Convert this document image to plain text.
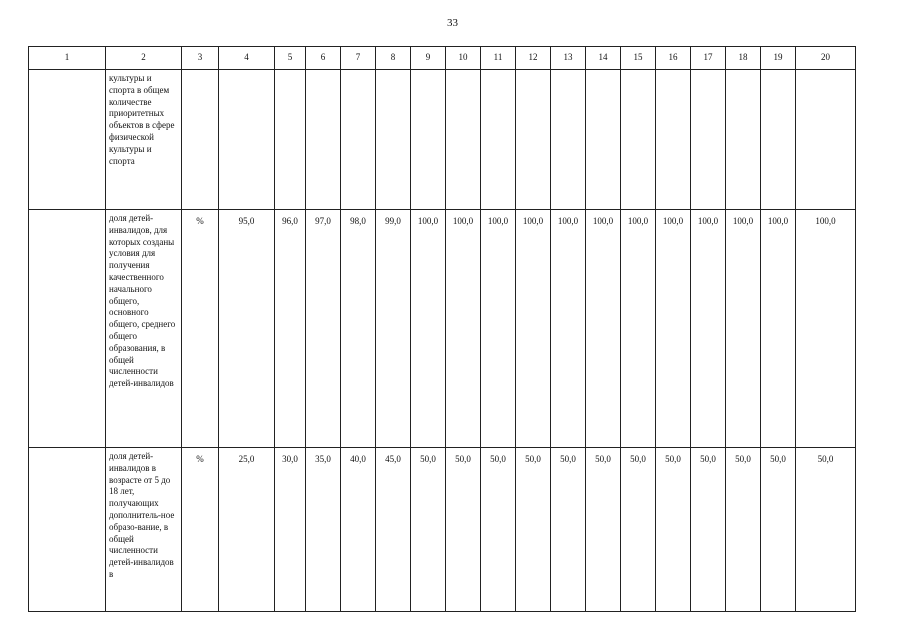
33
1	2	3	4	5	6	7	8	9	10	11	12	13	14	15	16	17	18	19	20
	культуры и спорта в общем количестве приоритетных объектов в сфере физической культуры и спорта																		
	доля детей-инвалидов, для которых созданы условия для получения качественного начального общего, основного общего, среднего общего образования, в общей численности детей-инвалидов	%	95,0	96,0	97,0	98,0	99,0	100,0	100,0	100,0	100,0	100,0	100,0	100,0	100,0	100,0	100,0	100,0	100,0
	доля детей-инвалидов в возрасте от 5 до 18 лет, получающих дополнитель-ное образо-вание, в общей численности детей-инвалидов в	%	25,0	30,0	35,0	40,0	45,0	50,0	50,0	50,0	50,0	50,0	50,0	50,0	50,0	50,0	50,0	50,0	50,0
